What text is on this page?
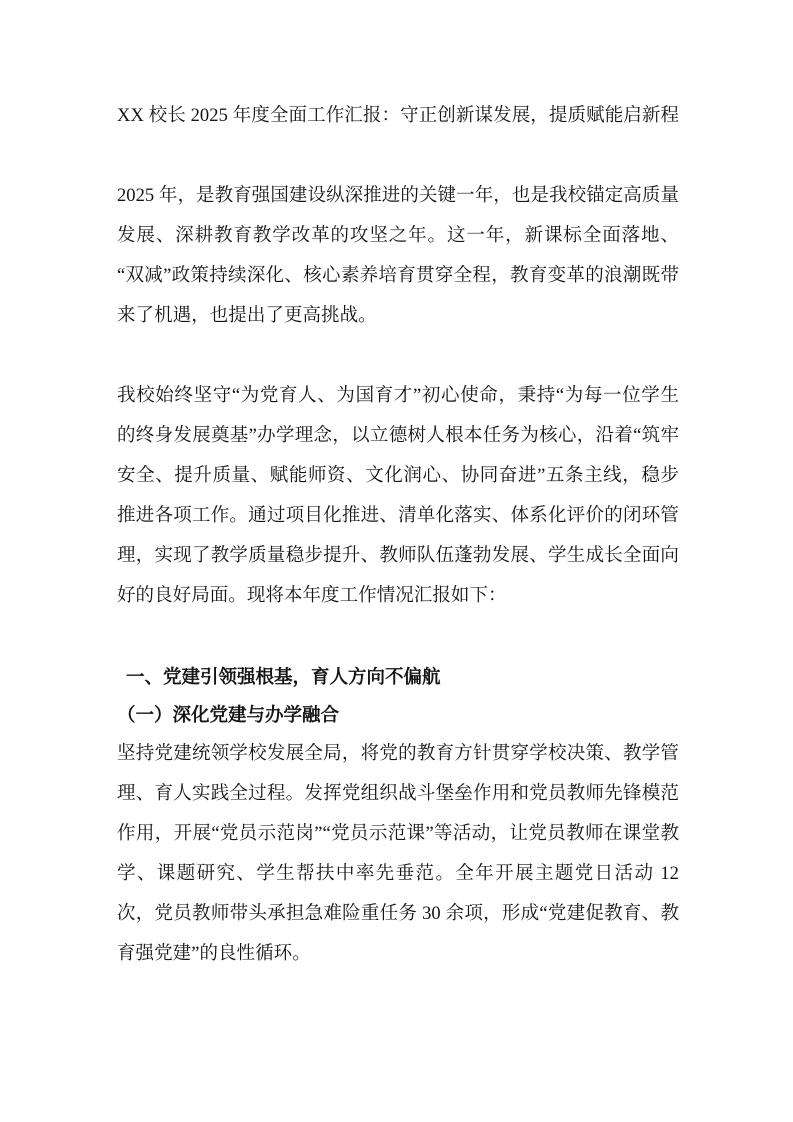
XX 校长 2025 年度全面工作汇报：守正创新谋发展，提质赋能启新程

2025 年，是教育强国建设纵深推进的关键一年，也是我校锚定高质量发展、深耕教育教学改革的攻坚之年。这一年，新课标全面落地、“双减”政策持续深化、核心素养培育贯穿全程，教育变革的浪潮既带来了机遇，也提出了更高挑战。

我校始终坚守“为党育人、为国育才”初心使命，秉持“为每一位学生的终身发展奠基”办学理念，以立德树人根本任务为核心，沿着“筑牢安全、提升质量、赋能师资、文化润心、协同奋进”五条主线，稳步推进各项工作。通过项目化推进、清单化落实、体系化评价的闭环管理，实现了教学质量稳步提升、教师队伍蓬勃发展、学生成长全面向好的良好局面。现将本年度工作情况汇报如下：

一、党建引领强根基，育人方向不偏航
（一）深化党建与办学融合

坚持党建统领学校发展全局，将党的教育方针贯穿学校决策、教学管理、育人实践全过程。发挥党组织战斗堡垒作用和党员教师先锋模范作用，开展“党员示范岗”“党员示范课”等活动，让党员教师在课堂教学、课题研究、学生帮扶中率先垂范。全年开展主题党日活动 12 次，党员教师带头承担急难险重任务 30 余项，形成“党建促教育、教育强党建”的良性循环。
